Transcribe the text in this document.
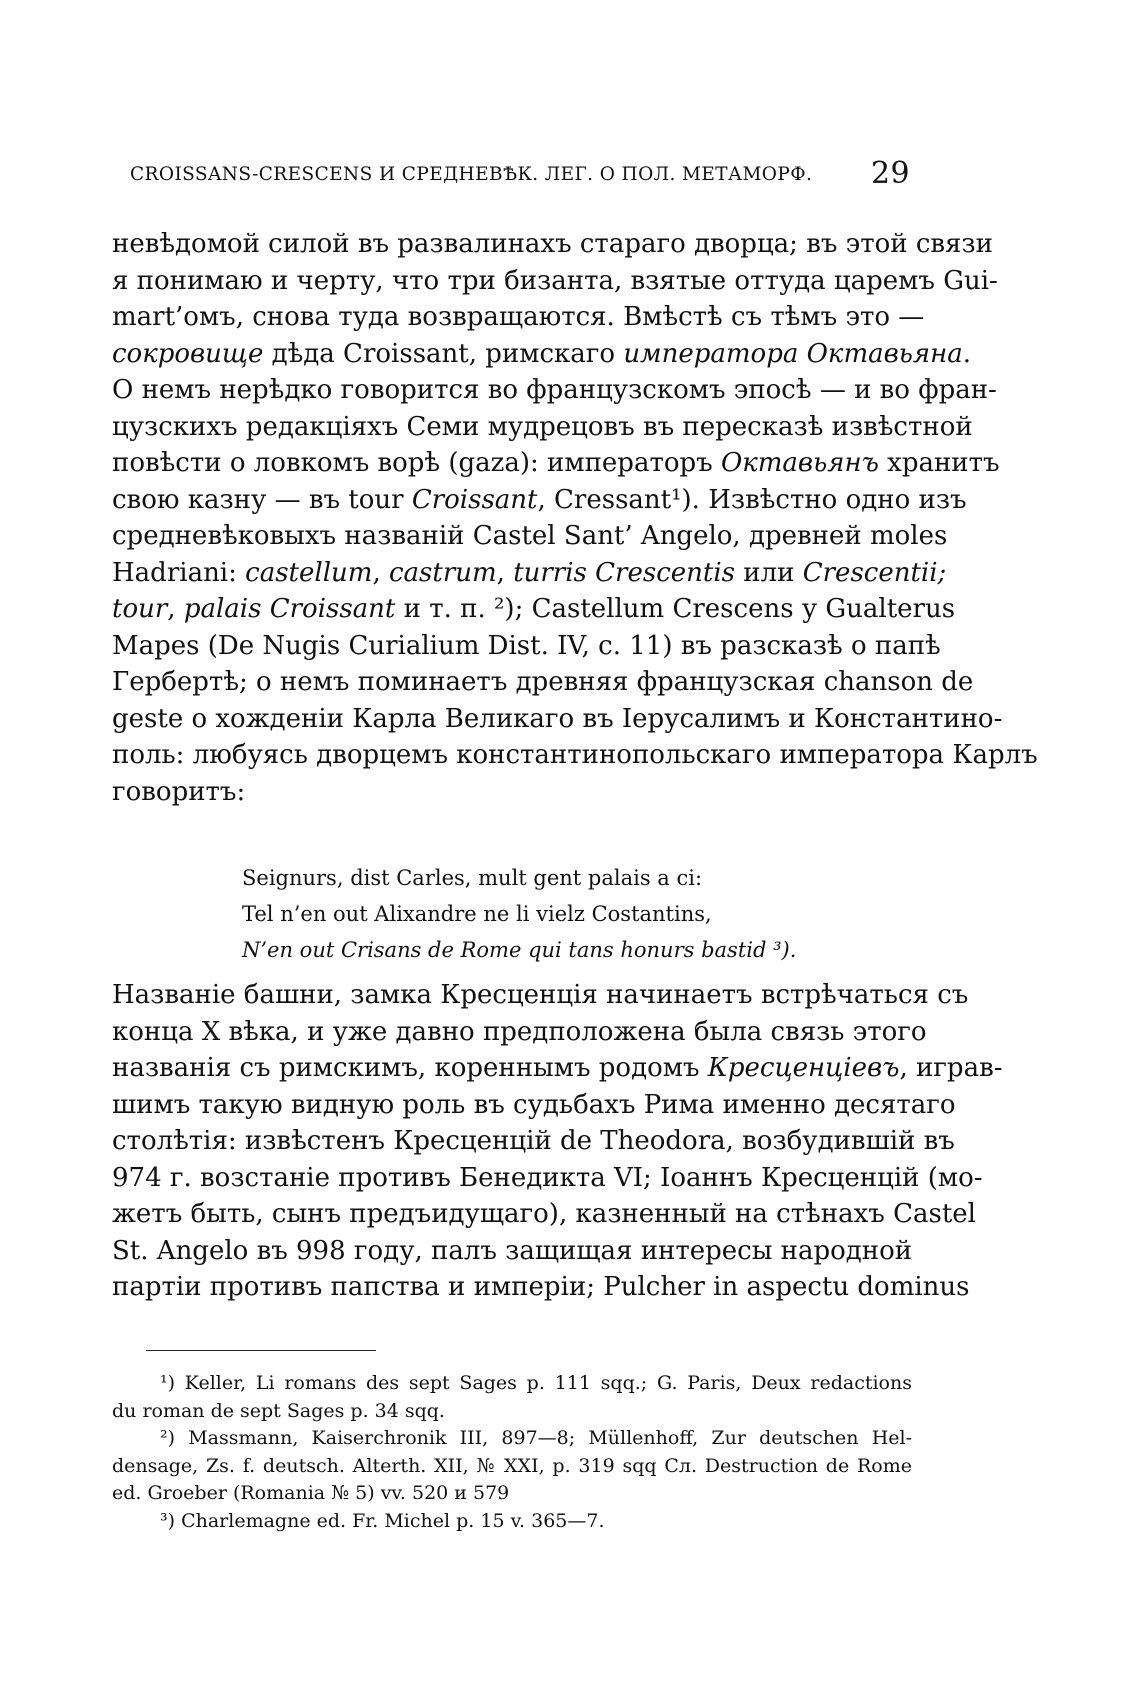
CROISSANS-CRESCENS И СРЕДНЕВѢК. ЛЕГ. О ПОЛ. МЕТАМОРФ. 29
невѣдомой силой въ развалинахъ стараго дворца; въ этой связи
я понимаю и черту, что три бизанта, взятые оттуда царемъ Gui-
mart’омъ, снова туда возвращаются. Вмѣстѣ съ тѣмъ это —
сокровище дѣда Croissant, римскаго императора Октавьяна.
О немъ нерѣдко говорится во французскомъ эпосѣ — и во фран-
цузскихъ редакціяхъ Семи мудрецовъ въ пересказѣ извѣстной
повѣсти о ловкомъ ворѣ (gaza): императоръ Октавьянъ хранитъ
свою казну — въ tour Croissant, Cressant¹). Извѣстно одно изъ
средневѣковыхъ названій Castel Sant’ Angelo, древней moles
Hadriani: castellum, castrum, turris Crescentis или Crescentii;
tour, palais Croissant и т. п. ²); Castellum Crescens у Gualterus
Mapes (De Nugis Curialium Dist. IV, c. 11) въ разсказѣ о папѣ
Гербертѣ; о немъ поминаетъ древняя французская chanson de
geste о хожденіи Карла Великаго въ Іерусалимъ и Константино-
поль: любуясь дворцемъ константинопольскаго императора Карлъ
говоритъ:
Seignurs, dist Carles, mult gent palais a ci:
Tel n’en out Alixandre ne li vielz Costantins,
N’en out Crisans de Rome qui tans honurs bastid ³).
Названіе башни, замка Кресценція начинаетъ встрѣчаться съ
конца X вѣка, и уже давно предположена была связь этого
названія съ римскимъ, кореннымъ родомъ Кресценціевъ, играв-
шимъ такую видную роль въ судьбахъ Рима именно десятаго
столѣтія: извѣстенъ Кресценцій de Theodora, возбудившій въ
974 г. возстаніе противъ Бенедикта VI; Іоаннъ Кресценцій (мо-
жетъ быть, сынъ предъидущаго), казненный на стѣнахъ Castel
St. Angelo въ 998 году, палъ защищая интересы народной
партіи противъ папства и имперіи; Pulcher in aspectu dominus
¹) Keller, Li romans des sept Sages p. 111 sqq.; G. Paris, Deux redactions
du roman de sept Sages p. 34 sqq.
²) Massmann, Kaiserchronik III, 897—8; Müllenhoff, Zur deutschen Hel-
densage, Zs. f. deutsch. Alterth. XII, № XXI, p. 319 sqq Сл. Destruction de Rome
ed. Groeber (Romania № 5) vv. 520 и 579
³) Charlemagne ed. Fr. Michel p. 15 v. 365—7.
